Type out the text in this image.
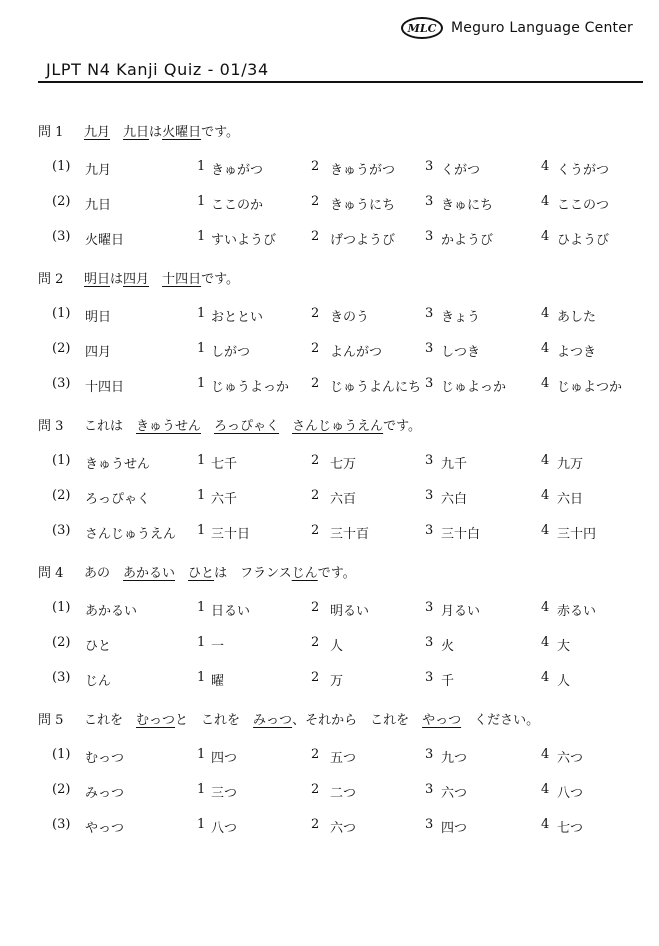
MLC	Meguro Language Center
JLPT N4 Kanji Quiz - 01/34
問 1	九月
　 九日 は 火曜日 です。
(1) 九月	1 きゅがつ	2 きゅうがつ 3 くがつ	4 くうがつ
(2) 九日	1 ここのか	2 きゅうにち 3 きゅにち	4 ここのつ
(3) 火曜日	1 すいようび	2 げつようび 3 かようび	4 ひようび
問 2	明日 は 四月
　 十四日 です。
(1) 明日	1 おととい	2 きのう	3 きょう	4 あした
(2) 四月	1 しがつ	2 よんがつ	3 しつき	4 よつき
(3) 十四日	1 じゅうよっか 2 じゅうよんにち 3 じゅよっか	4 じゅよつか
問 3	これは　 きゅうせん
　 ろっぴゃく
　 さんじゅうえん です。
(1) きゅうせん	1 七千	2 七万	3 九千	4 九万
(2) ろっぴゃく	1 六千	2 六百	3 六白	4 六日
(3) さんじゅうえん 1 三十日	2 三十百	3 三十白	4 三十円
問 4	あの　 あかるい
　 ひと は　フランス じん です。
(1) あかるい	1 日るい	2 明るい	3 月るい	4 赤るい
(2) ひと	1 一	2 人	3 火	4 大
(3) じん	1 曜	2 万	3 千	4 人
問 5	これを　 むっつ と　これを　 みっつ 、それから　これを　 やっつ 　ください。
(1) むっつ	1 四つ	2 五つ	3 九つ	4 六つ
(2) みっつ	1 三つ	2 二つ	3 六つ	4 八つ
(3) やっつ	1 八つ	2 六つ	3 四つ	4 七つ
